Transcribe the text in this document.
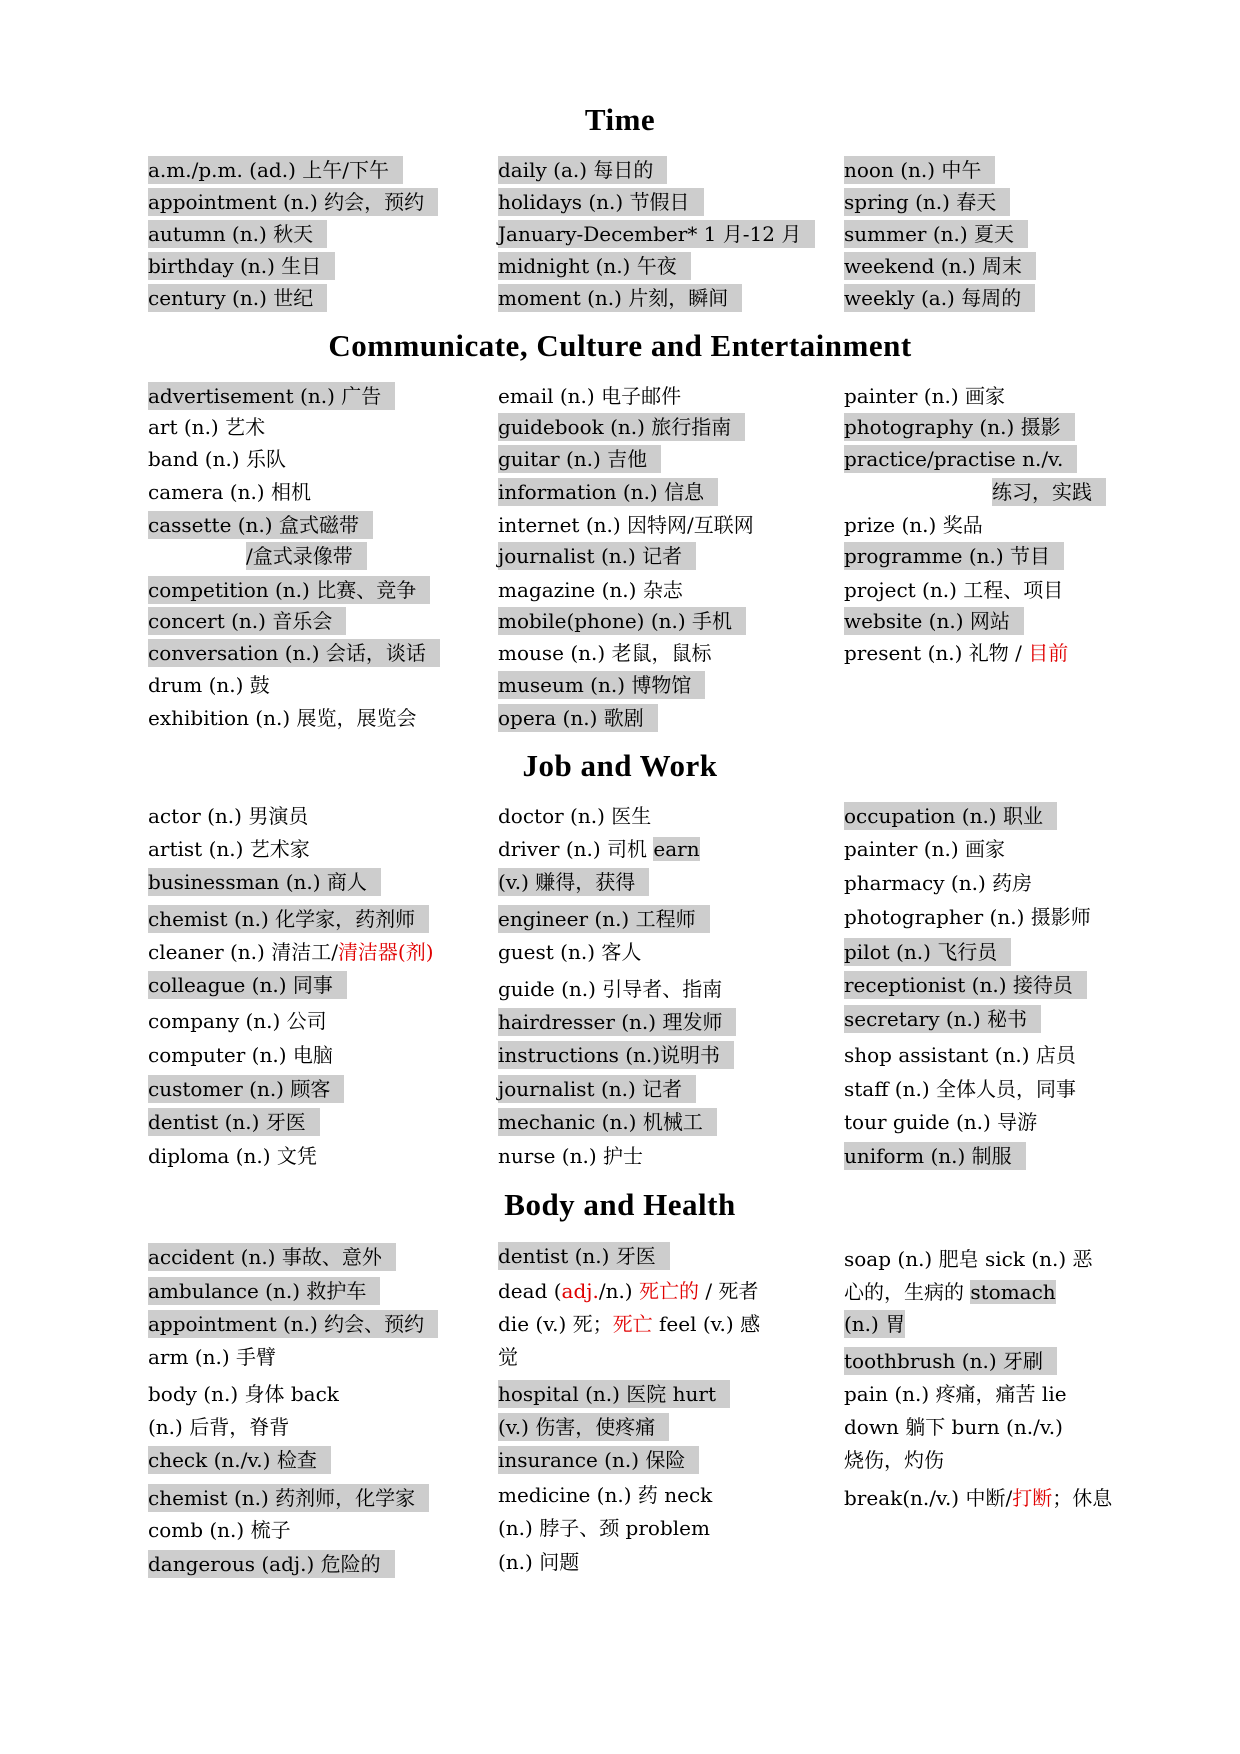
Time
a.m./p.m. (ad.) 上午/下午
appointment (n.) 约会，预约
autumn (n.) 秋天
birthday (n.) 生日
century (n.) 世纪
daily (a.) 每日的
holidays (n.) 节假日
January-December* 1 月-12 月
midnight (n.) 午夜
moment (n.) 片刻，瞬间
noon (n.) 中午
spring (n.) 春天
summer (n.) 夏天
weekend (n.) 周末
weekly (a.) 每周的
Communicate, Culture and Entertainment
advertisement (n.) 广告
art (n.) 艺术
band (n.) 乐队
camera (n.) 相机
cassette (n.) 盒式磁带
/盒式录像带
competition (n.) 比赛、竞争
concert (n.) 音乐会
conversation (n.) 会话，谈话
drum (n.) 鼓
exhibition (n.) 展览，展览会
email (n.) 电子邮件
guidebook (n.) 旅行指南
guitar (n.) 吉他
information (n.) 信息
internet (n.) 因特网/互联网
journalist (n.) 记者
magazine (n.) 杂志
mobile(phone) (n.) 手机
mouse (n.) 老鼠，鼠标
museum (n.) 博物馆
opera (n.) 歌剧
painter (n.) 画家
photography (n.) 摄影
practice/practise n./v.
练习，实践
prize (n.) 奖品
programme (n.) 节目
project (n.) 工程、项目
website (n.) 网站
present (n.) 礼物 / 目前
Job and Work
actor (n.) 男演员
artist (n.) 艺术家
businessman (n.) 商人
chemist (n.) 化学家，药剂师
cleaner (n.) 清洁工/清洁器(剂)
colleague (n.) 同事
company (n.) 公司
computer (n.) 电脑
customer (n.) 顾客
dentist (n.) 牙医
diploma (n.) 文凭
doctor (n.) 医生
driver (n.) 司机 earn
(v.) 赚得，获得
engineer (n.) 工程师
guest (n.) 客人
guide (n.) 引导者、指南
hairdresser (n.) 理发师
instructions (n.)说明书
journalist (n.) 记者
mechanic (n.) 机械工
nurse (n.) 护士
occupation (n.) 职业
painter (n.) 画家
pharmacy (n.) 药房
photographer (n.) 摄影师
pilot (n.) 飞行员
receptionist (n.) 接待员
secretary (n.) 秘书
shop assistant (n.) 店员
staff (n.) 全体人员，同事
tour guide (n.) 导游
uniform (n.) 制服
Body and Health
accident (n.) 事故、意外
ambulance (n.) 救护车
appointment (n.) 约会、预约
arm (n.) 手臂
body (n.) 身体 back
(n.) 后背，脊背
check (n./v.) 检查
chemist (n.) 药剂师，化学家
comb (n.) 梳子
dangerous (adj.) 危险的
dentist (n.) 牙医
dead (adj./n.) 死亡的 / 死者
die (v.) 死；死亡 feel (v.) 感
觉
hospital (n.) 医院 hurt
(v.) 伤害，使疼痛
insurance (n.) 保险
medicine (n.) 药 neck
(n.) 脖子、颈 problem
(n.) 问题
soap (n.) 肥皂 sick (n.) 恶
心的，生病的 stomach
(n.) 胃
toothbrush (n.) 牙刷
pain (n.) 疼痛，痛苦 lie
down 躺下 burn (n./v.)
烧伤，灼伤
break(n./v.) 中断/打断；休息
